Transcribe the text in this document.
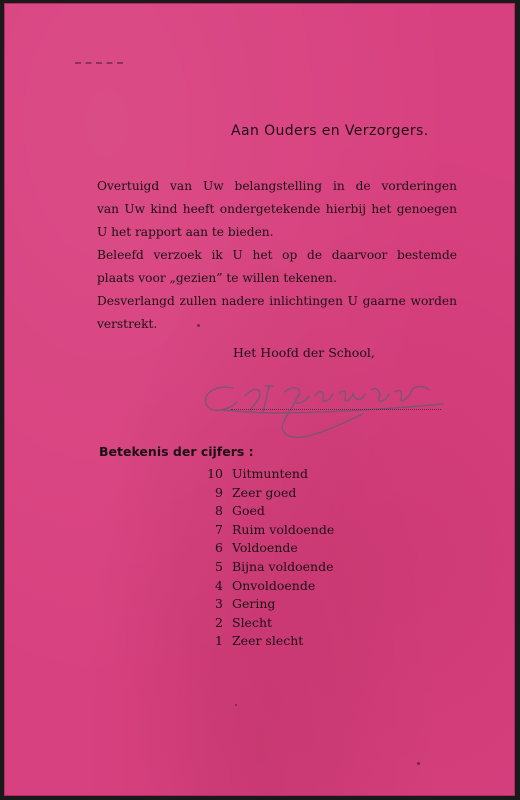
Aan Ouders en Verzorgers.

Overtuigd van Uw belangstelling in de vorderingen

van Uw kind heeft ondergetekende hierbij het genoegen

U het rapport aan te bieden.

Beleefd verzoek ik U het op de daarvoor bestemde

plaats voor „gezien” te willen tekenen.

Desverlangd zullen nadere inlichtingen U gaarne worden

verstrekt.

Het Hoofd der School,
Betekenis der cijfers :
10 Uitmuntend
9 Zeer goed
8 Goed
7 Ruim voldoende
6 Voldoende
5 Bijna voldoende
4 Onvoldoende
3 Gering
2 Slecht
1 Zeer slecht
